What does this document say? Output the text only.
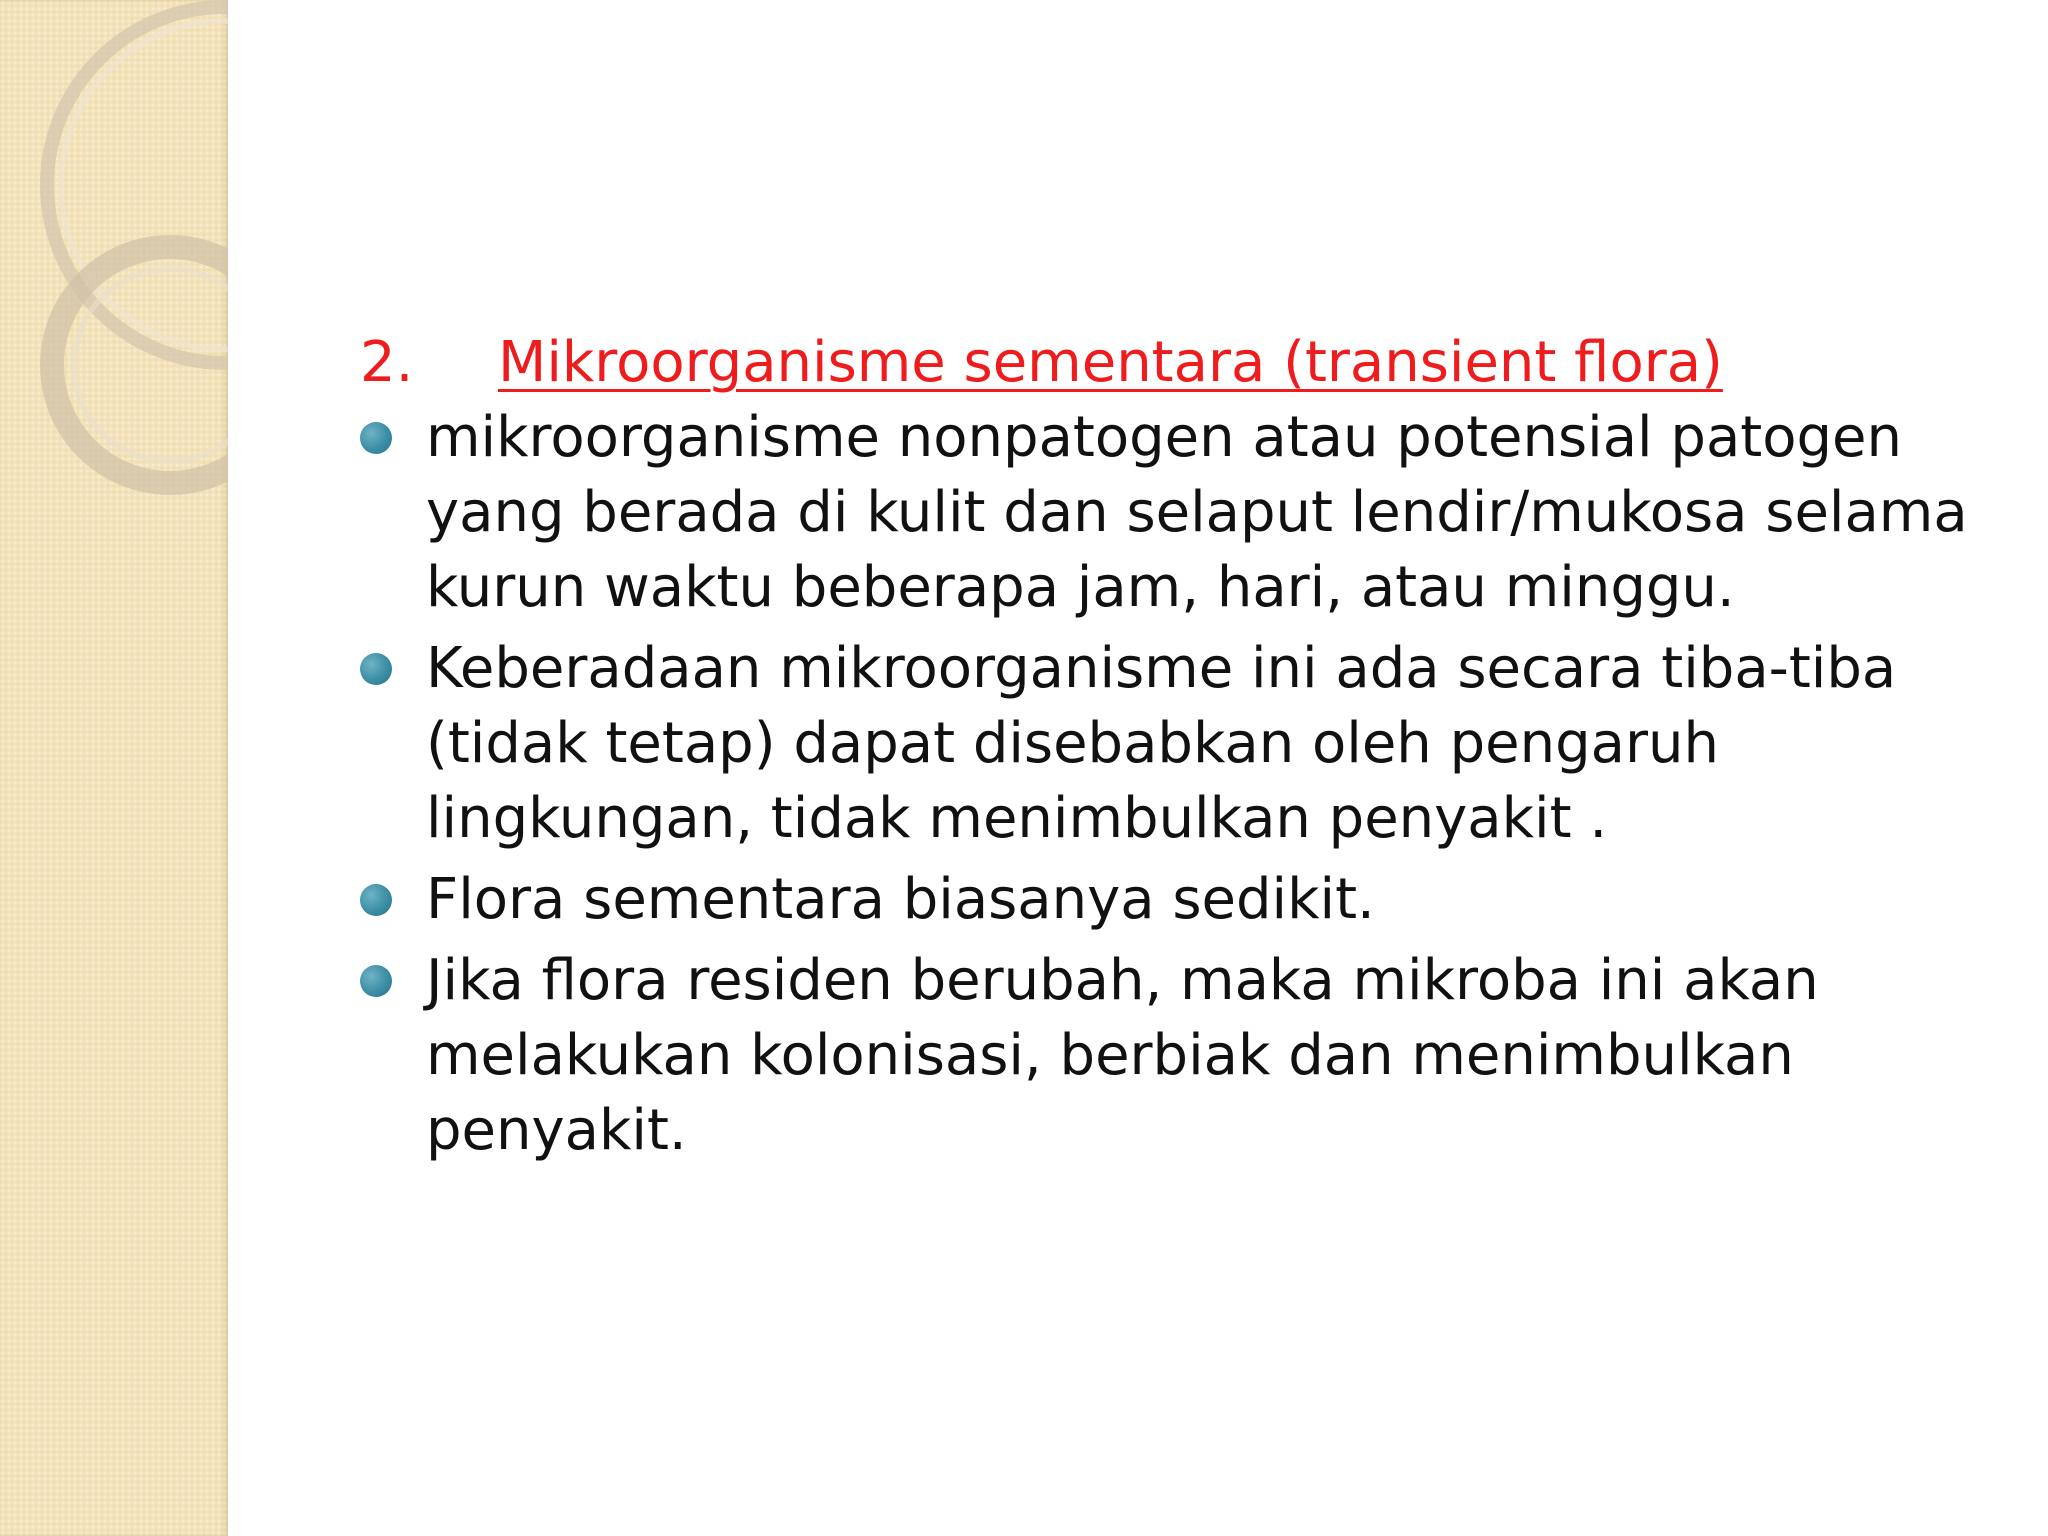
2. Mikroorganisme sementara (transient flora)
mikroorganisme nonpatogen atau potensial patogen yang berada di kulit dan selaput lendir/mukosa selama kurun waktu beberapa jam, hari, atau minggu.
Keberadaan mikroorganisme ini ada secara tiba-tiba (tidak tetap) dapat disebabkan oleh pengaruh lingkungan, tidak menimbulkan penyakit .
Flora sementara biasanya sedikit.
Jika flora residen berubah, maka mikroba ini akan melakukan kolonisasi, berbiak dan menimbulkan penyakit.
